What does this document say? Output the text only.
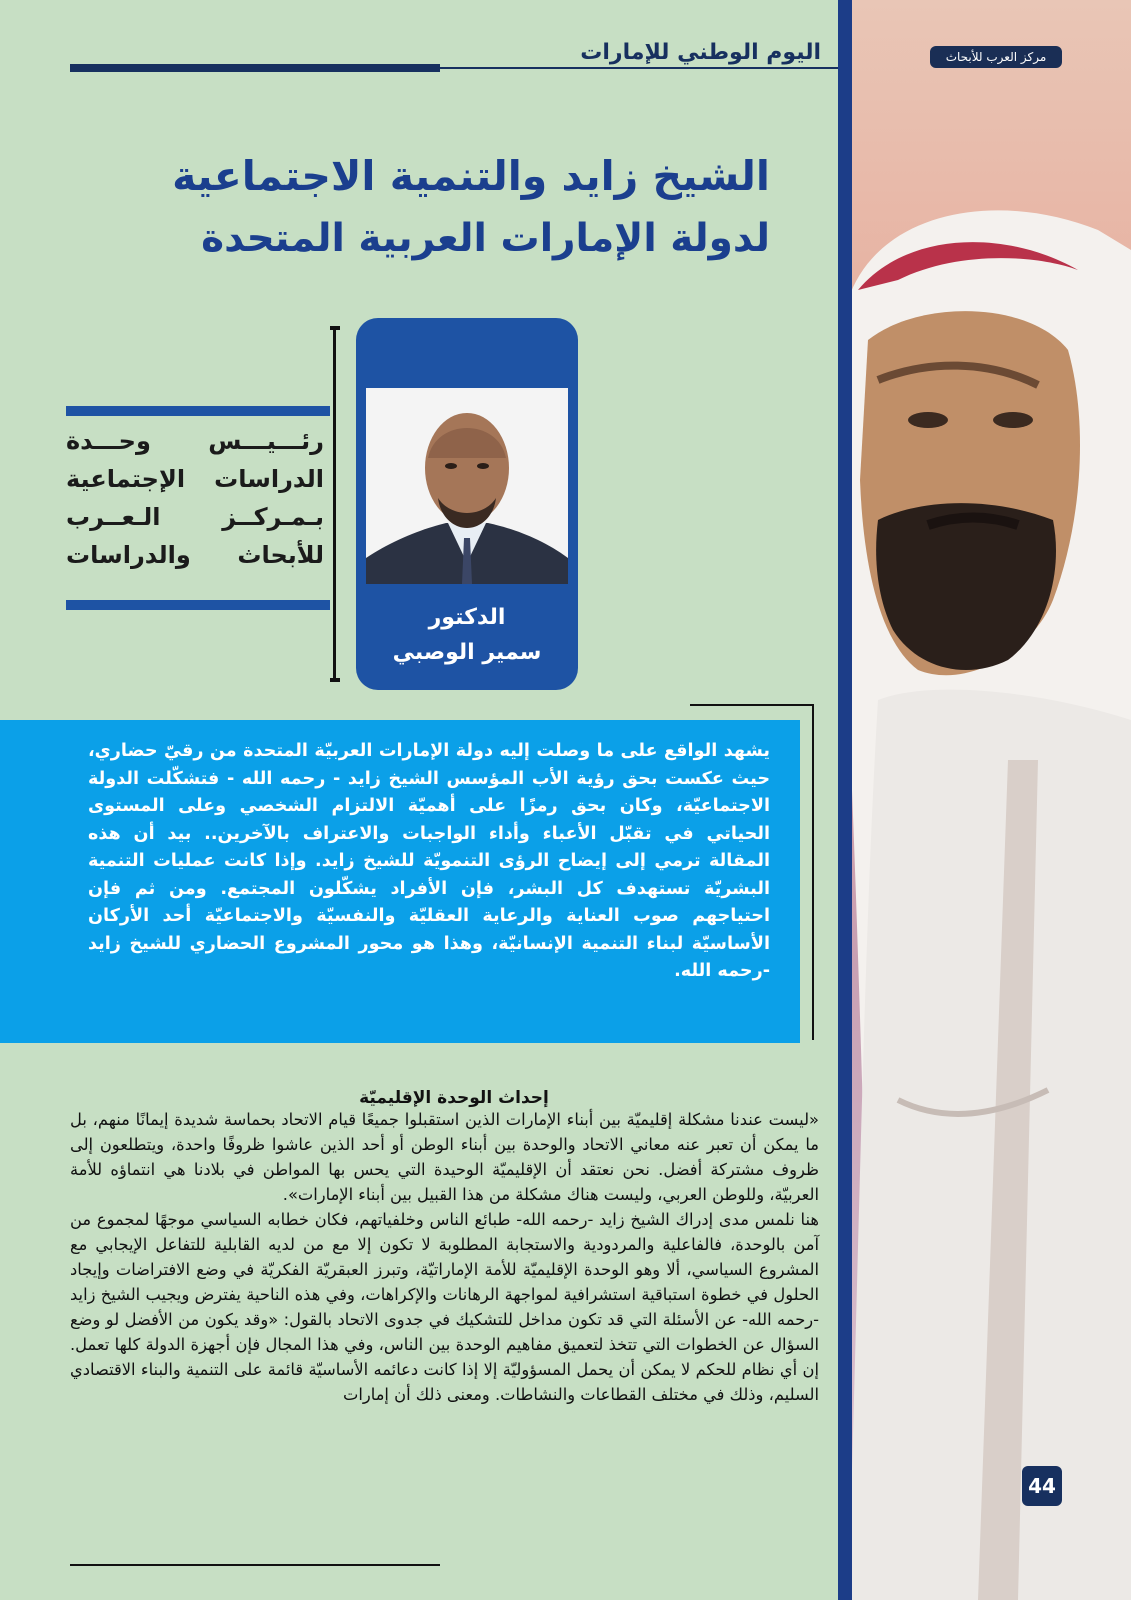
اليوم الوطني للإمارات	مركز العرب للأبحاث
الشيخ زايد والتنمية الاجتماعية
لدولة الإمارات العربية المتحدة
رئـــيـــس وحـــدة
الدراسات الإجتماعية
بـمـركــز الـعــرب
للأبحاث والدراسات
الدكتور
سمير الوصبي
يشهد الواقع على ما وصلت إليه دولة الإمارات العربيّة المتحدة من رقيّ حضاري، حيث عكست بحق رؤية الأب المؤسس الشيخ زايد - رحمه الله - فتشكّلت الدولة الاجتماعيّة، وكان بحق رمزًا على أهميّة الالتزام الشخصي وعلى المستوى الحياتي في تقبّل الأعباء وأداء الواجبات والاعتراف بالآخرين.. بيد أن هذه المقالة ترمي إلى إيضاح الرؤى التنمويّة للشيخ زايد. وإذا كانت عمليات التنمية البشريّة تستهدف كل البشر، فإن الأفراد يشكّلون المجتمع. ومن ثم فإن احتياجهم صوب العناية والرعاية العقليّة والنفسيّة والاجتماعيّة أحد الأركان الأساسيّة لبناء التنمية الإنسانيّة، وهذا هو محور المشروع الحضاري للشيخ زايد -رحمه الله.
إحداث الوحدة الإقليميّة

«ليست عندنا مشكلة إقليميّة بين أبناء الإمارات الذين استقبلوا جميعًا قيام الاتحاد بحماسة شديدة إيمانًا منهم، بل ما يمكن أن تعبر عنه معاني الاتحاد والوحدة بين أبناء الوطن أو أحد الذين عاشوا ظروفًا واحدة، ويتطلعون إلى ظروف مشتركة أفضل. نحن نعتقد أن الإقليميّة الوحيدة التي يحس بها المواطن في بلادنا هي انتماؤه للأمة العربيّة، وللوطن العربي، وليست هناك مشكلة من هذا القبيل بين أبناء الإمارات».

هنا نلمس مدى إدراك الشيخ زايد -رحمه الله- طبائع الناس وخلفياتهم، فكان خطابه السياسي موجهًا لمجموع من آمن بالوحدة، فالفاعلية والمردودية والاستجابة المطلوبة لا تكون إلا مع من لديه القابلية للتفاعل الإيجابي مع المشروع السياسي، ألا وهو الوحدة الإقليميّة للأمة الإماراتيّة، وتبرز العبقريّة الفكريّة في وضع الافتراضات وإيجاد الحلول في خطوة استباقية استشرافية لمواجهة الرهانات والإكراهات، وفي هذه الناحية يفترض ويجيب الشيخ زايد -رحمه الله- عن الأسئلة التي قد تكون مداخل للتشكيك في جدوى الاتحاد بالقول: «وقد يكون من الأفضل لو وضع السؤال عن الخطوات التي تتخذ لتعميق مفاهيم الوحدة بين الناس، وفي هذا المجال فإن أجهزة الدولة كلها تعمل. إن أي نظام للحكم لا يمكن أن يحمل المسؤوليّة إلا إذا كانت دعائمه الأساسيّة قائمة على التنمية والبناء الاقتصادي السليم، وذلك في مختلف القطاعات والنشاطات. ومعنى ذلك أن إمارات

44
